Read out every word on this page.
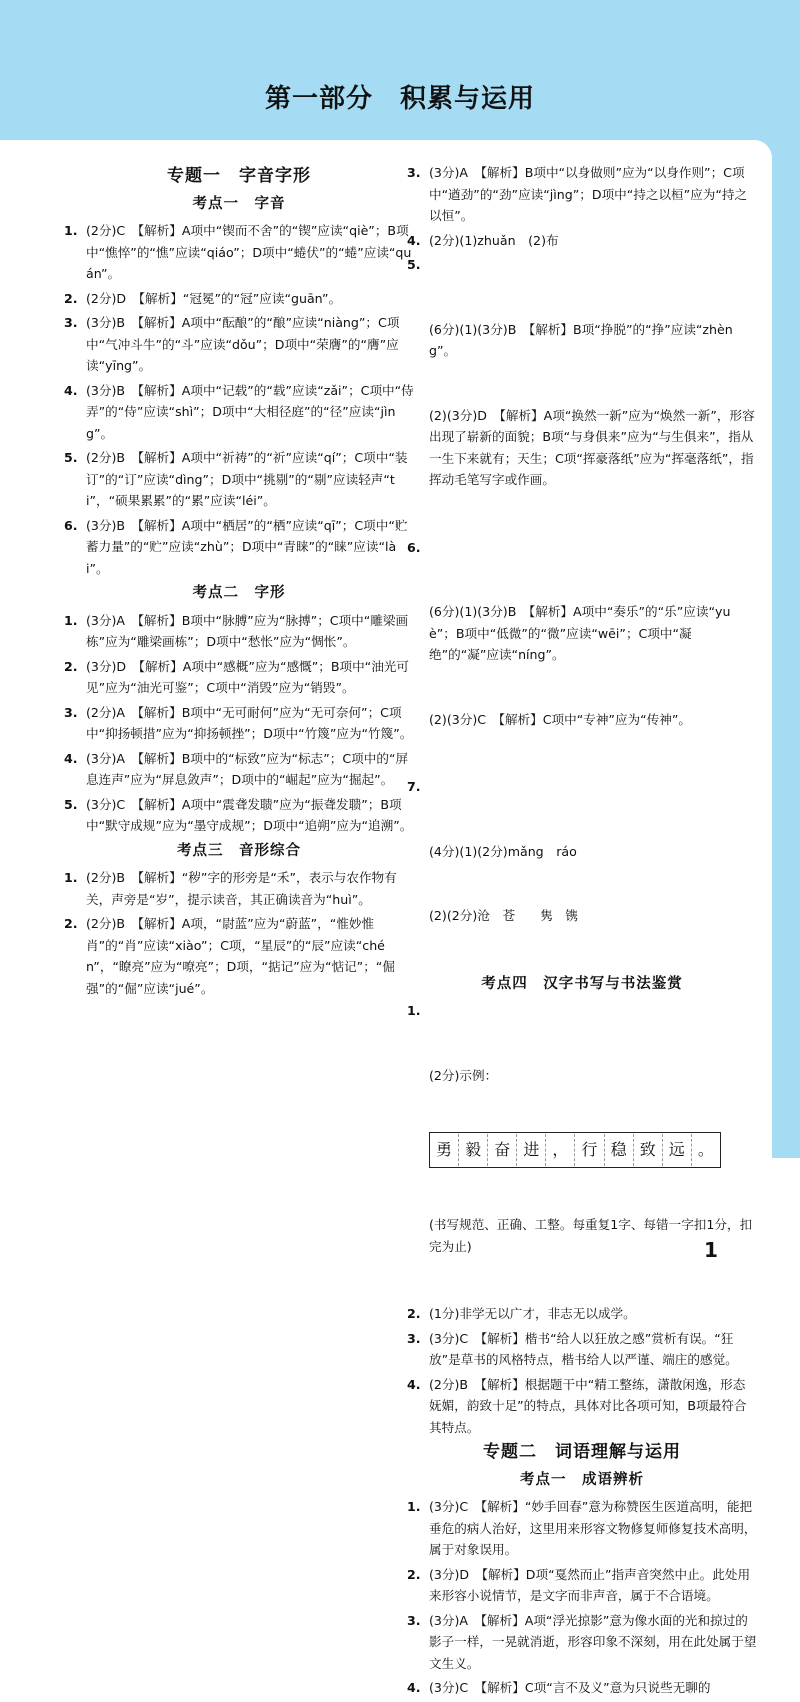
第一部分　积累与运用
专题一　字音字形
考点一　字音
1. (2分)C　【解析】A项中“锲而不舍”的“锲”应读“qiè”；B项中“憔悴”的“憔”应读“qiáo”；D项中“蜷伏”的“蜷”应读“quán”。
2. (2分)D　【解析】“冠冕”的“冠”应读“guān”。
3. (3分)B　【解析】A项中“酝酿”的“酿”应读“niàng”；C项中“气冲斗牛”的“斗”应读“dǒu”；D项中“荣膺”的“膺”应读“yīng”。
4. (3分)B　【解析】A项中“记载”的“载”应读“zǎi”；C项中“侍弄”的“侍”应读“shì”；D项中“大相径庭”的“径”应读“jìng”。
5. (2分)B　【解析】A项中“祈祷”的“祈”应读“qí”；C项中“装订”的“订”应读“dìng”；D项中“挑剔”的“剔”应读轻声“ti”，“硕果累累”的“累”应读“léi”。
6. (3分)B　【解析】A项中“栖居”的“栖”应读“qī”；C项中“贮蓄力量”的“贮”应读“zhù”；D项中“青睐”的“睐”应读“lài”。
考点二　字形
1. (3分)A　【解析】B项中“脉膊”应为“脉搏”；C项中“雕梁画栋”应为“雕梁画栋”；D项中“愁怅”应为“惆怅”。
2. (3分)D　【解析】A项中“感概”应为“感慨”；B项中“油光可见”应为“油光可鉴”；C项中“消毁”应为“销毁”。
3. (2分)A　【解析】B项中“无可耐何”应为“无可奈何”；C项中“抑扬顿措”应为“抑扬顿挫”；D项中“竹篾”应为“竹篾”。
4. (3分)A　【解析】B项中的“标致”应为“标志”；C项中的“屏息连声”应为“屏息敛声”；D项中的“崛起”应为“掘起”。
5. (3分)C　【解析】A项中“震聋发聩”应为“振聋发聩”；B项中“默守成规”应为“墨守成规”；D项中“追朔”应为“追溯”。
考点三　音形综合
1. (2分)B　【解析】“秽”字的形旁是“禾”，表示与农作物有关，声旁是“岁”，提示读音，其正确读音为“huì”。
2. (2分)B　【解析】A项，“尉蓝”应为“蔚蓝”，“惟妙惟肖”的“肖”应读“xiào”；C项，“星辰”的“辰”应读“chén”，“瞭亮”应为“嘹亮”；D项，“掂记”应为“惦记”；“倔强”的“倔”应读“jué”。
3. (3分)A　【解析】B项中“以身做则”应为“以身作则”；C项中“遒劲”的“劲”应读“jìng”；D项中“持之以桓”应为“持之以恒”。
4. (2分)(1)zhuǎn　(2)布

5.

(6分)(1)(3分)B　【解析】B项“挣脱”的“挣”应读“zhèng”。

(2)(3分)D　【解析】A项“换然一新”应为“焕然一新”，形容出现了崭新的面貌；B项“与身俱来”应为“与生俱来”，指从一生下来就有；天生；C项“挥豪落纸”应为“挥毫落纸”，指挥动毛笔写字或作画。

6.

(6分)(1)(3分)B　【解析】A项中“奏乐”的“乐”应读“yuè”；B项中“低微”的“微”应读“wēi”；C项中“凝绝”的“凝”应读“níng”。

(2)(3分)C　【解析】C项中“专神”应为“传神”。

7.

(4分)(1)(2分)mǎng　ráo

(2)(2分)沧　苍　　隽　镌

考点四　汉字书写与书法鉴赏

1.

(2分)示例：

勇 毅 奋 进 ， 行 稳 致 远 。

(书写规范、正确、工整。每重复1字、每错一字扣1分，扣完为止)

2. (1分)非学无以广才，非志无以成学。
3. (3分)C　【解析】楷书“给人以狂放之感”赏析有误。“狂放”是草书的风格特点，楷书给人以严谨、端庄的感觉。
4. (2分)B　【解析】根据题干中“精工整练，潇散闲逸，形态妩媚，韵致十足”的特点，具体对比各项可知，B项最符合其特点。
专题二　词语理解与运用
考点一　成语辨析
1. (3分)C　【解析】“妙手回春”意为称赞医生医道高明，能把垂危的病人治好，这里用来形容文物修复师修复技术高明，属于对象误用。
2. (3分)D　【解析】D项“戛然而止”指声音突然中止。此处用来形容小说情节，是文字而非声音，属于不合语境。
3. (3分)A　【解析】A项“浮光掠影”意为像水面的光和掠过的影子一样，一晃就消逝，形容印象不深刻，用在此处属于望文生义。
4. (3分)C　【解析】C项“言不及义”意为只说些无聊的
1
